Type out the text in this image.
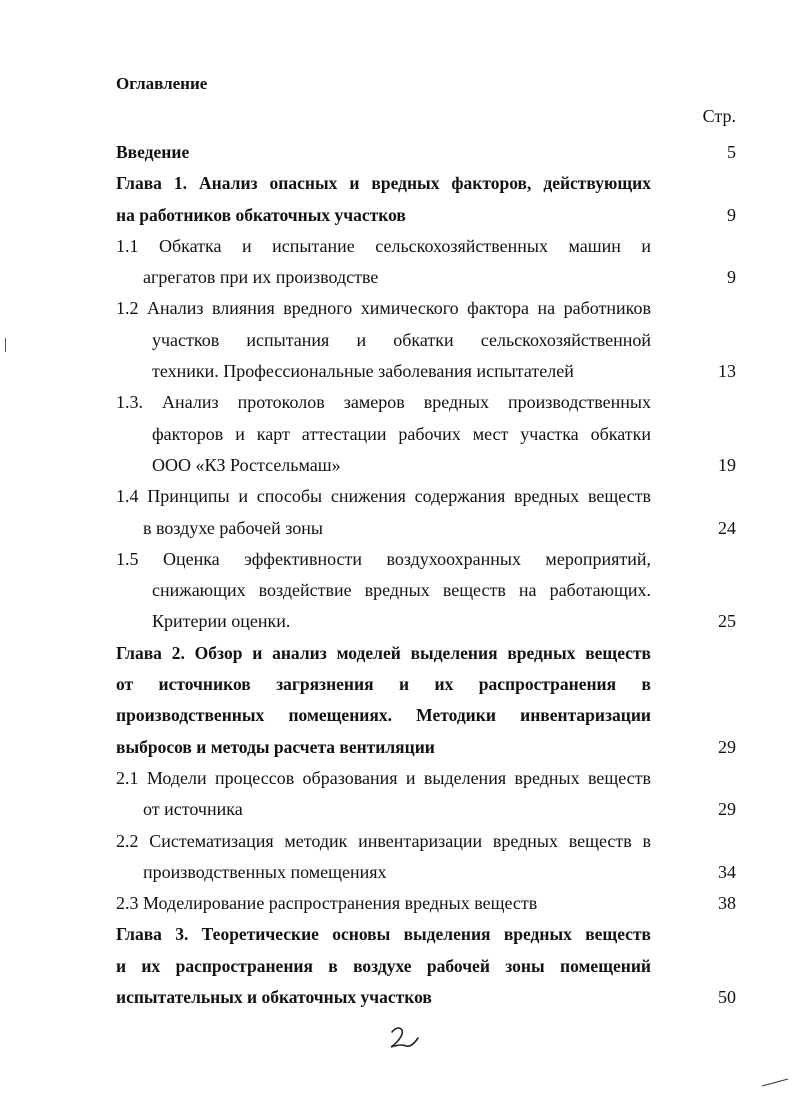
Оглавление
Стр.
Введение	5
Глава 1. Анализ опасных и вредных факторов, действующих
на работников обкаточных участков	9
1.1 Обкатка и испытание сельскохозяйственных машин и
агрегатов при их производстве	9
1.2 Анализ влияния вредного химического фактора на работников
участков испытания и обкатки сельскохозяйственной
техники. Профессиональные заболевания испытателей	13
1.3. Анализ протоколов замеров вредных производственных
факторов и карт аттестации рабочих мест участка обкатки
ООО «КЗ Ростсельмаш»	19
1.4 Принципы и способы снижения содержания вредных веществ
в воздухе рабочей зоны	24
1.5 Оценка эффективности воздухоохранных мероприятий,
снижающих воздействие вредных веществ на работающих.
Критерии оценки.	25
Глава 2. Обзор и анализ моделей выделения вредных веществ
от источников загрязнения и их распространения в
производственных помещениях. Методики инвентаризации
выбросов и методы расчета вентиляции	29
2.1 Модели процессов образования и выделения вредных веществ
от источника	29
2.2 Систематизация методик инвентаризации вредных веществ в
производственных помещениях	34
2.3 Моделирование распространения вредных веществ	38
Глава 3. Теоретические основы выделения вредных веществ
и их распространения в воздухе рабочей зоны помещений
испытательных и обкаточных участков	50
